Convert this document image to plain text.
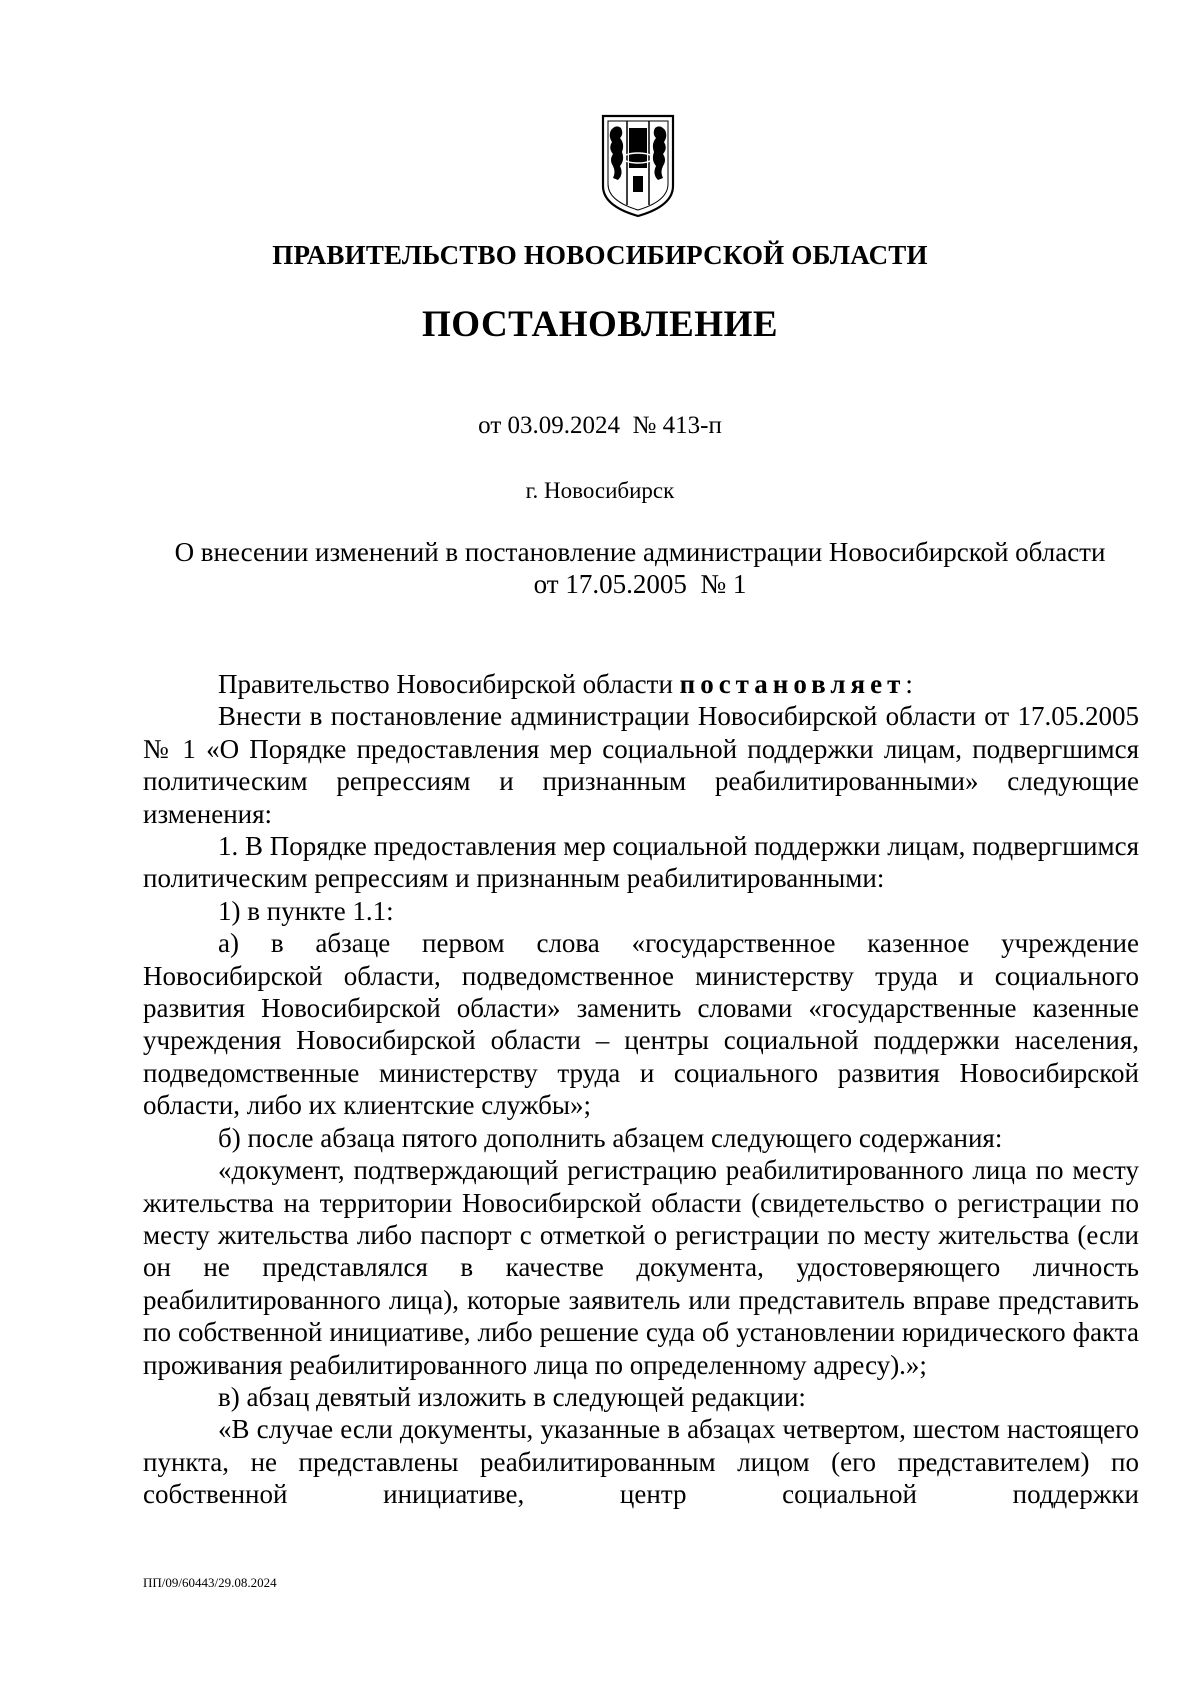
ПРАВИТЕЛЬСТВО НОВОСИБИРСКОЙ ОБЛАСТИ
ПОСТАНОВЛЕНИЕ
от 03.09.2024 № 413-п
г. Новосибирск
О внесении изменений в постановление администрации Новосибирской области
от 17.05.2005  № 1

Правительство Новосибирской области постановляет:

Внести в постановление администрации Новосибирской области от 17.05.2005 № 1 «О Порядке предоставления мер социальной поддержки лицам, подвергшимся политическим репрессиям и признанным реабилитированными» следующие изменения:

1. В Порядке предоставления мер социальной поддержки лицам, подвергшимся политическим репрессиям и признанным реабилитированными:

1) в пункте 1.1:

а) в абзаце первом слова «государственное казенное учреждение Новосибирской области, подведомственное министерству труда и социального развития Новосибирской области» заменить словами «государственные казенные учреждения Новосибирской области – центры социальной поддержки населения, подведомственные министерству труда и социального развития Новосибирской области, либо их клиентские службы»;

б) после абзаца пятого дополнить абзацем следующего содержания:

«документ, подтверждающий регистрацию реабилитированного лица по месту жительства на территории Новосибирской области (свидетельство о регистрации по месту жительства либо паспорт с отметкой о регистрации по месту жительства (если он не представлялся в качестве документа, удостоверяющего личность реабилитированного лица), которые заявитель или представитель вправе представить по собственной инициативе, либо решение суда об установлении юридического факта проживания реабилитированного лица по определенному адресу).»;

в) абзац девятый изложить в следующей редакции:

«В случае если документы, указанные в абзацах четвертом, шестом настоящего пункта, не представлены реабилитированным лицом (его представителем) по собственной инициативе, центр социальной поддержки

ПП/09/60443/29.08.2024
